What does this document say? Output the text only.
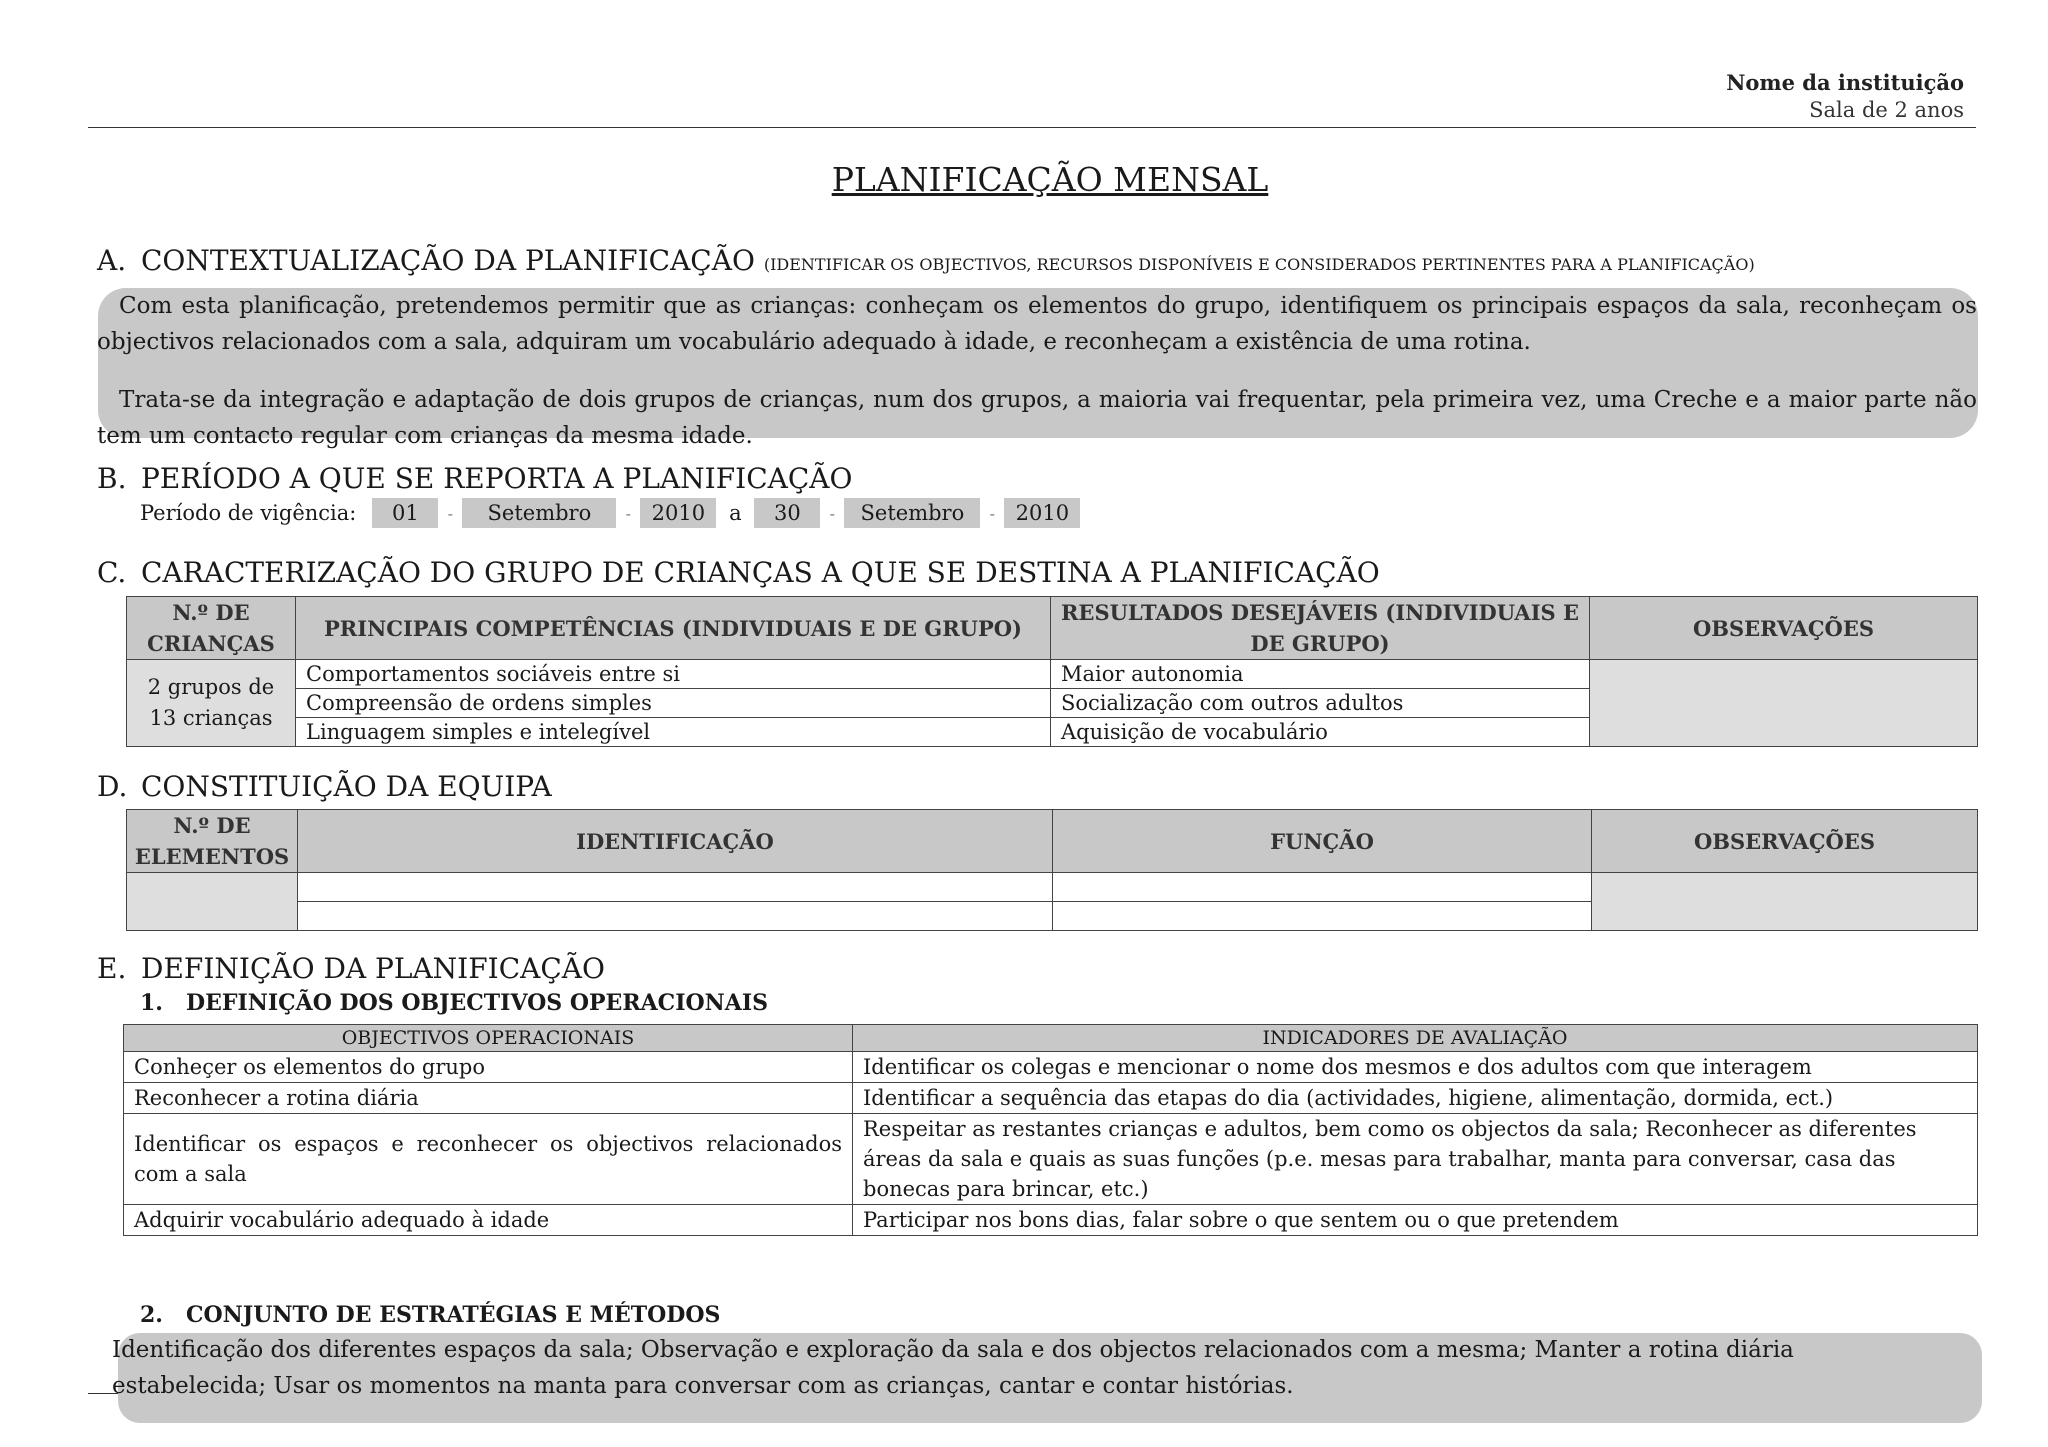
Nome da instituição
Sala de 2 anos
PLANIFICAÇÃO MENSAL
A. CONTEXTUALIZAÇÃO DA PLANIFICAÇÃO (IDENTIFICAR OS OBJECTIVOS, RECURSOS DISPONÍVEIS E CONSIDERADOS PERTINENTES PARA A PLANIFICAÇÃO)
Com esta planificação, pretendemos permitir que as crianças: conheçam os elementos do grupo, identifiquem os principais espaços da sala, reconheçam os objectivos relacionados com a sala, adquiram um vocabulário adequado à idade, e reconheçam a existência de uma rotina.
Trata-se da integração e adaptação de dois grupos de crianças, num dos grupos, a maioria vai frequentar, pela primeira vez, uma Creche e a maior parte não tem um contacto regular com crianças da mesma idade.
B. PERÍODO A QUE SE REPORTA A PLANIFICAÇÃO
Período de vigência:	01	-	Setembro	- 2010	a	30	-	Setembro	- 2010
C. CARACTERIZAÇÃO DO GRUPO DE CRIANÇAS A QUE SE DESTINA A PLANIFICAÇÃO
N.º DE CRIANÇAS	PRINCIPAIS COMPETÊNCIAS (INDIVIDUAIS E DE GRUPO)	RESULTADOS DESEJÁVEIS (INDIVIDUAIS E DE GRUPO)	OBSERVAÇÕES
2 grupos de 13 crianças	Comportamentos sociáveis entre si	Maior autonomia	
	Compreensão de ordens simples	Socialização com outros adultos	
	Linguagem simples e intelegível	Aquisição de vocabulário	
D. CONSTITUIÇÃO DA EQUIPA
N.º DE ELEMENTOS	IDENTIFICAÇÃO	FUNÇÃO	OBSERVAÇÕES

E. DEFINIÇÃO DA PLANIFICAÇÃO
1. DEFINIÇÃO DOS OBJECTIVOS OPERACIONAIS
OBJECTIVOS OPERACIONAIS	INDICADORES DE AVALIAÇÃO
Conheçer os elementos do grupo	Identificar os colegas e mencionar o nome dos mesmos e dos adultos com que interagem
Reconhecer a rotina diária	Identificar a sequência das etapas do dia (actividades, higiene, alimentação, dormida, ect.)
Identificar os espaços e reconhecer os objectivos relacionados com a sala	Respeitar as restantes crianças e adultos, bem como os objectos da sala; Reconhecer as diferentes áreas da sala e quais as suas funções (p.e. mesas para trabalhar, manta para conversar, casa das bonecas para brincar, etc.)
Adquirir vocabulário adequado à idade	Participar nos bons dias, falar sobre o que sentem ou o que pretendem
2. CONJUNTO DE ESTRATÉGIAS E MÉTODOS
Identificação dos diferentes espaços da sala; Observação e exploração da sala e dos objectos relacionados com a mesma; Manter a rotina diária estabelecida; Usar os momentos na manta para conversar com as crianças, cantar e contar histórias.
